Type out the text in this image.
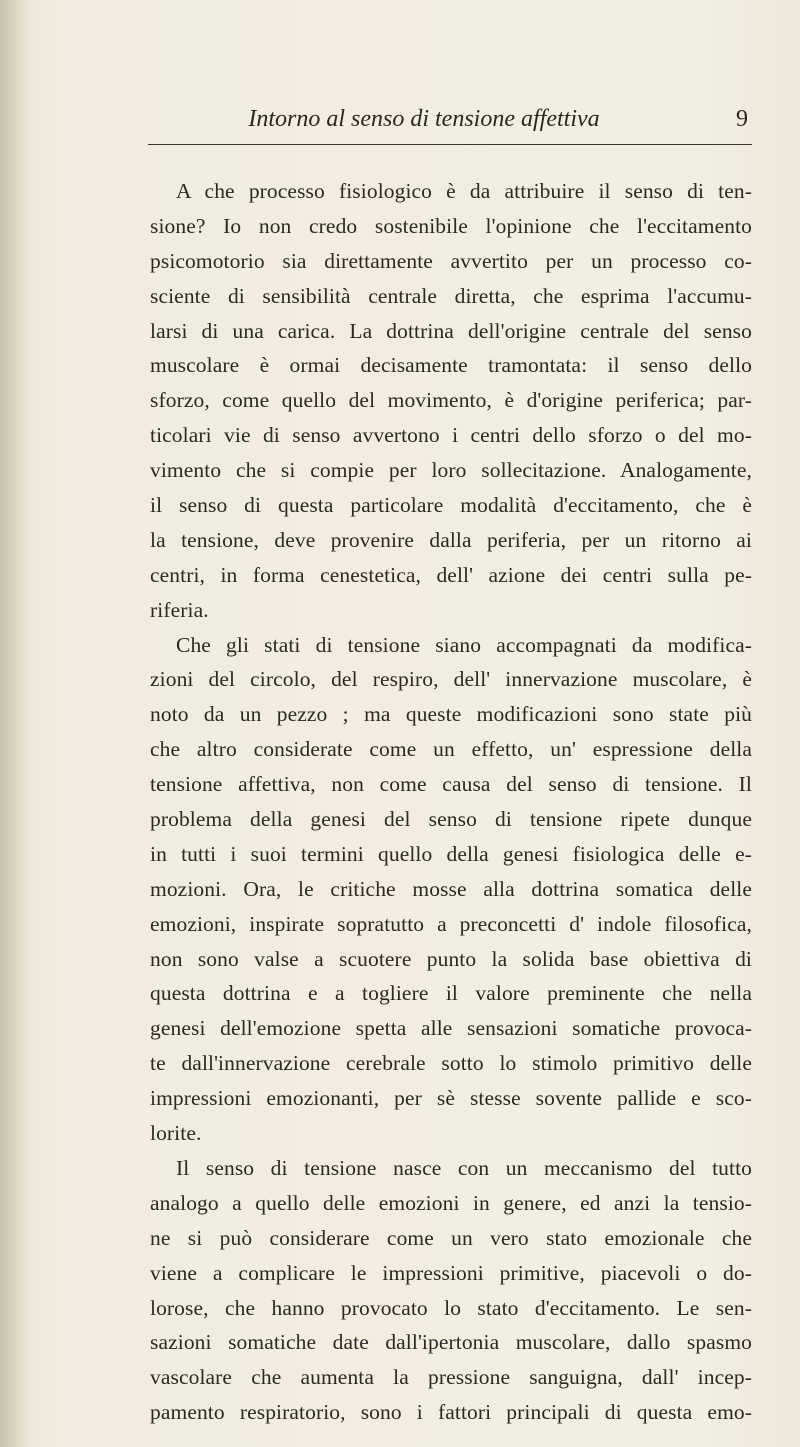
Intorno al senso di tensione affettiva	9
A che processo fisiologico è da attribuire il senso di ten-
sione? Io non credo sostenibile l'opinione che l'eccitamento
psicomotorio sia direttamente avvertito per un processo co-
sciente di sensibilità centrale diretta, che esprima l'accumu-
larsi di una carica. La dottrina dell'origine centrale del senso
muscolare è ormai decisamente tramontata: il senso dello
sforzo, come quello del movimento, è d'origine periferica; par-
ticolari vie di senso avvertono i centri dello sforzo o del mo-
vimento che si compie per loro sollecitazione. Analogamente,
il senso di questa particolare modalità d'eccitamento, che è
la tensione, deve provenire dalla periferia, per un ritorno ai
centri, in forma cenestetica, dell' azione dei centri sulla pe-
riferia.
Che gli stati di tensione siano accompagnati da modifica-
zioni del circolo, del respiro, dell' innervazione muscolare, è
noto da un pezzo ; ma queste modificazioni sono state più
che altro considerate come un effetto, un' espressione della
tensione affettiva, non come causa del senso di tensione. Il
problema della genesi del senso di tensione ripete dunque
in tutti i suoi termini quello della genesi fisiologica delle e-
mozioni. Ora, le critiche mosse alla dottrina somatica delle
emozioni, inspirate sopratutto a preconcetti d' indole filosofica,
non sono valse a scuotere punto la solida base obiettiva di
questa dottrina e a togliere il valore preminente che nella
genesi dell'emozione spetta alle sensazioni somatiche provoca-
te dall'innervazione cerebrale sotto lo stimolo primitivo delle
impressioni emozionanti, per sè stesse sovente pallide e sco-
lorite.
Il senso di tensione nasce con un meccanismo del tutto
analogo a quello delle emozioni in genere, ed anzi la tensio-
ne si può considerare come un vero stato emozionale che
viene a complicare le impressioni primitive, piacevoli o do-
lorose, che hanno provocato lo stato d'eccitamento. Le sen-
sazioni somatiche date dall'ipertonia muscolare, dallo spasmo
vascolare che aumenta la pressione sanguigna, dall' incep-
pamento respiratorio, sono i fattori principali di questa emo-
